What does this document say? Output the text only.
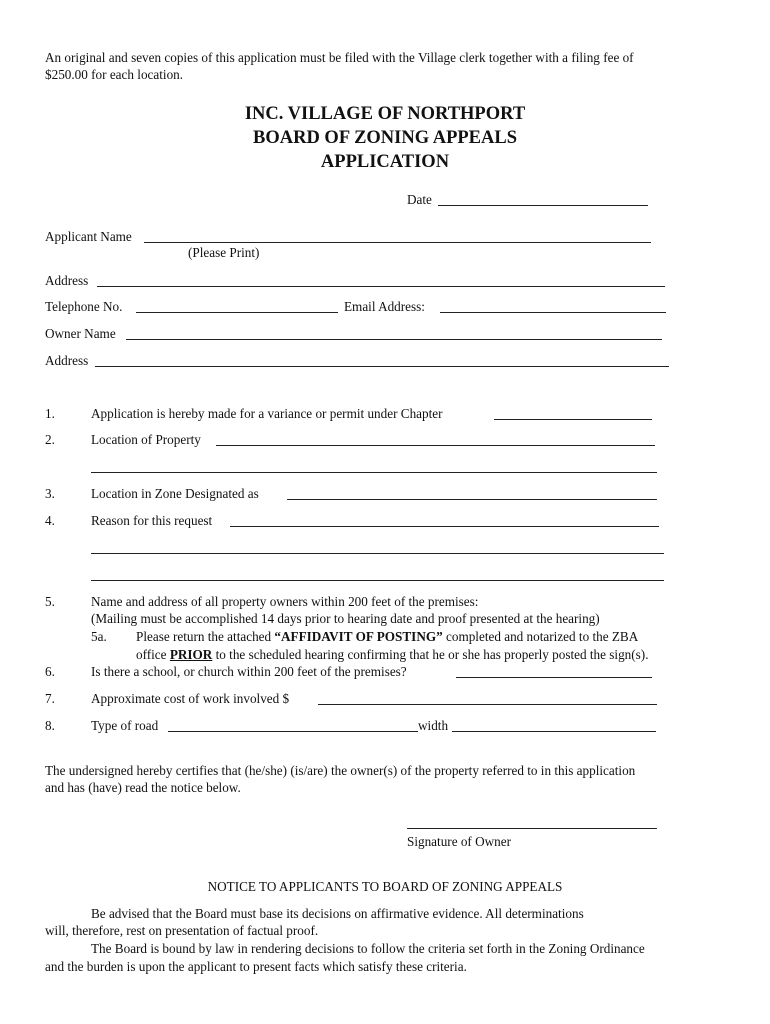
An original and seven copies of this application must be filed with the Village clerk together with a filing fee of
$250.00 for each location.
INC. VILLAGE OF NORTHPORT
BOARD OF ZONING APPEALS
APPLICATION
Date
Applicant Name
(Please Print)
Address
Telephone No.	Email Address:
Owner Name
Address
1.	Application is hereby made for a variance or permit under Chapter
2.	Location of Property
3.	Location in Zone Designated as
4.	Reason for this request
5.	Name and address of all property owners within 200 feet of the premises:
(Mailing must be accomplished 14 days prior to hearing date and proof presented at the hearing)
5a. Please return the attached “AFFIDAVIT OF POSTING” completed and notarized to the ZBA
office PRIOR to the scheduled hearing confirming that he or she has properly posted the sign(s).
6.	Is there a school, or church within 200 feet of the premises?
7.	Approximate cost of work involved $
8.	Type of road	width
The undersigned hereby certifies that (he/she) (is/are) the owner(s) of the property referred to in this application
and has (have) read the notice below.
Signature of Owner
NOTICE TO APPLICANTS TO BOARD OF ZONING APPEALS
Be advised that the Board must base its decisions on affirmative evidence. All determinations
will, therefore, rest on presentation of factual proof.
The Board is bound by law in rendering decisions to follow the criteria set forth in the Zoning Ordinance
and the burden is upon the applicant to present facts which satisfy these criteria.
